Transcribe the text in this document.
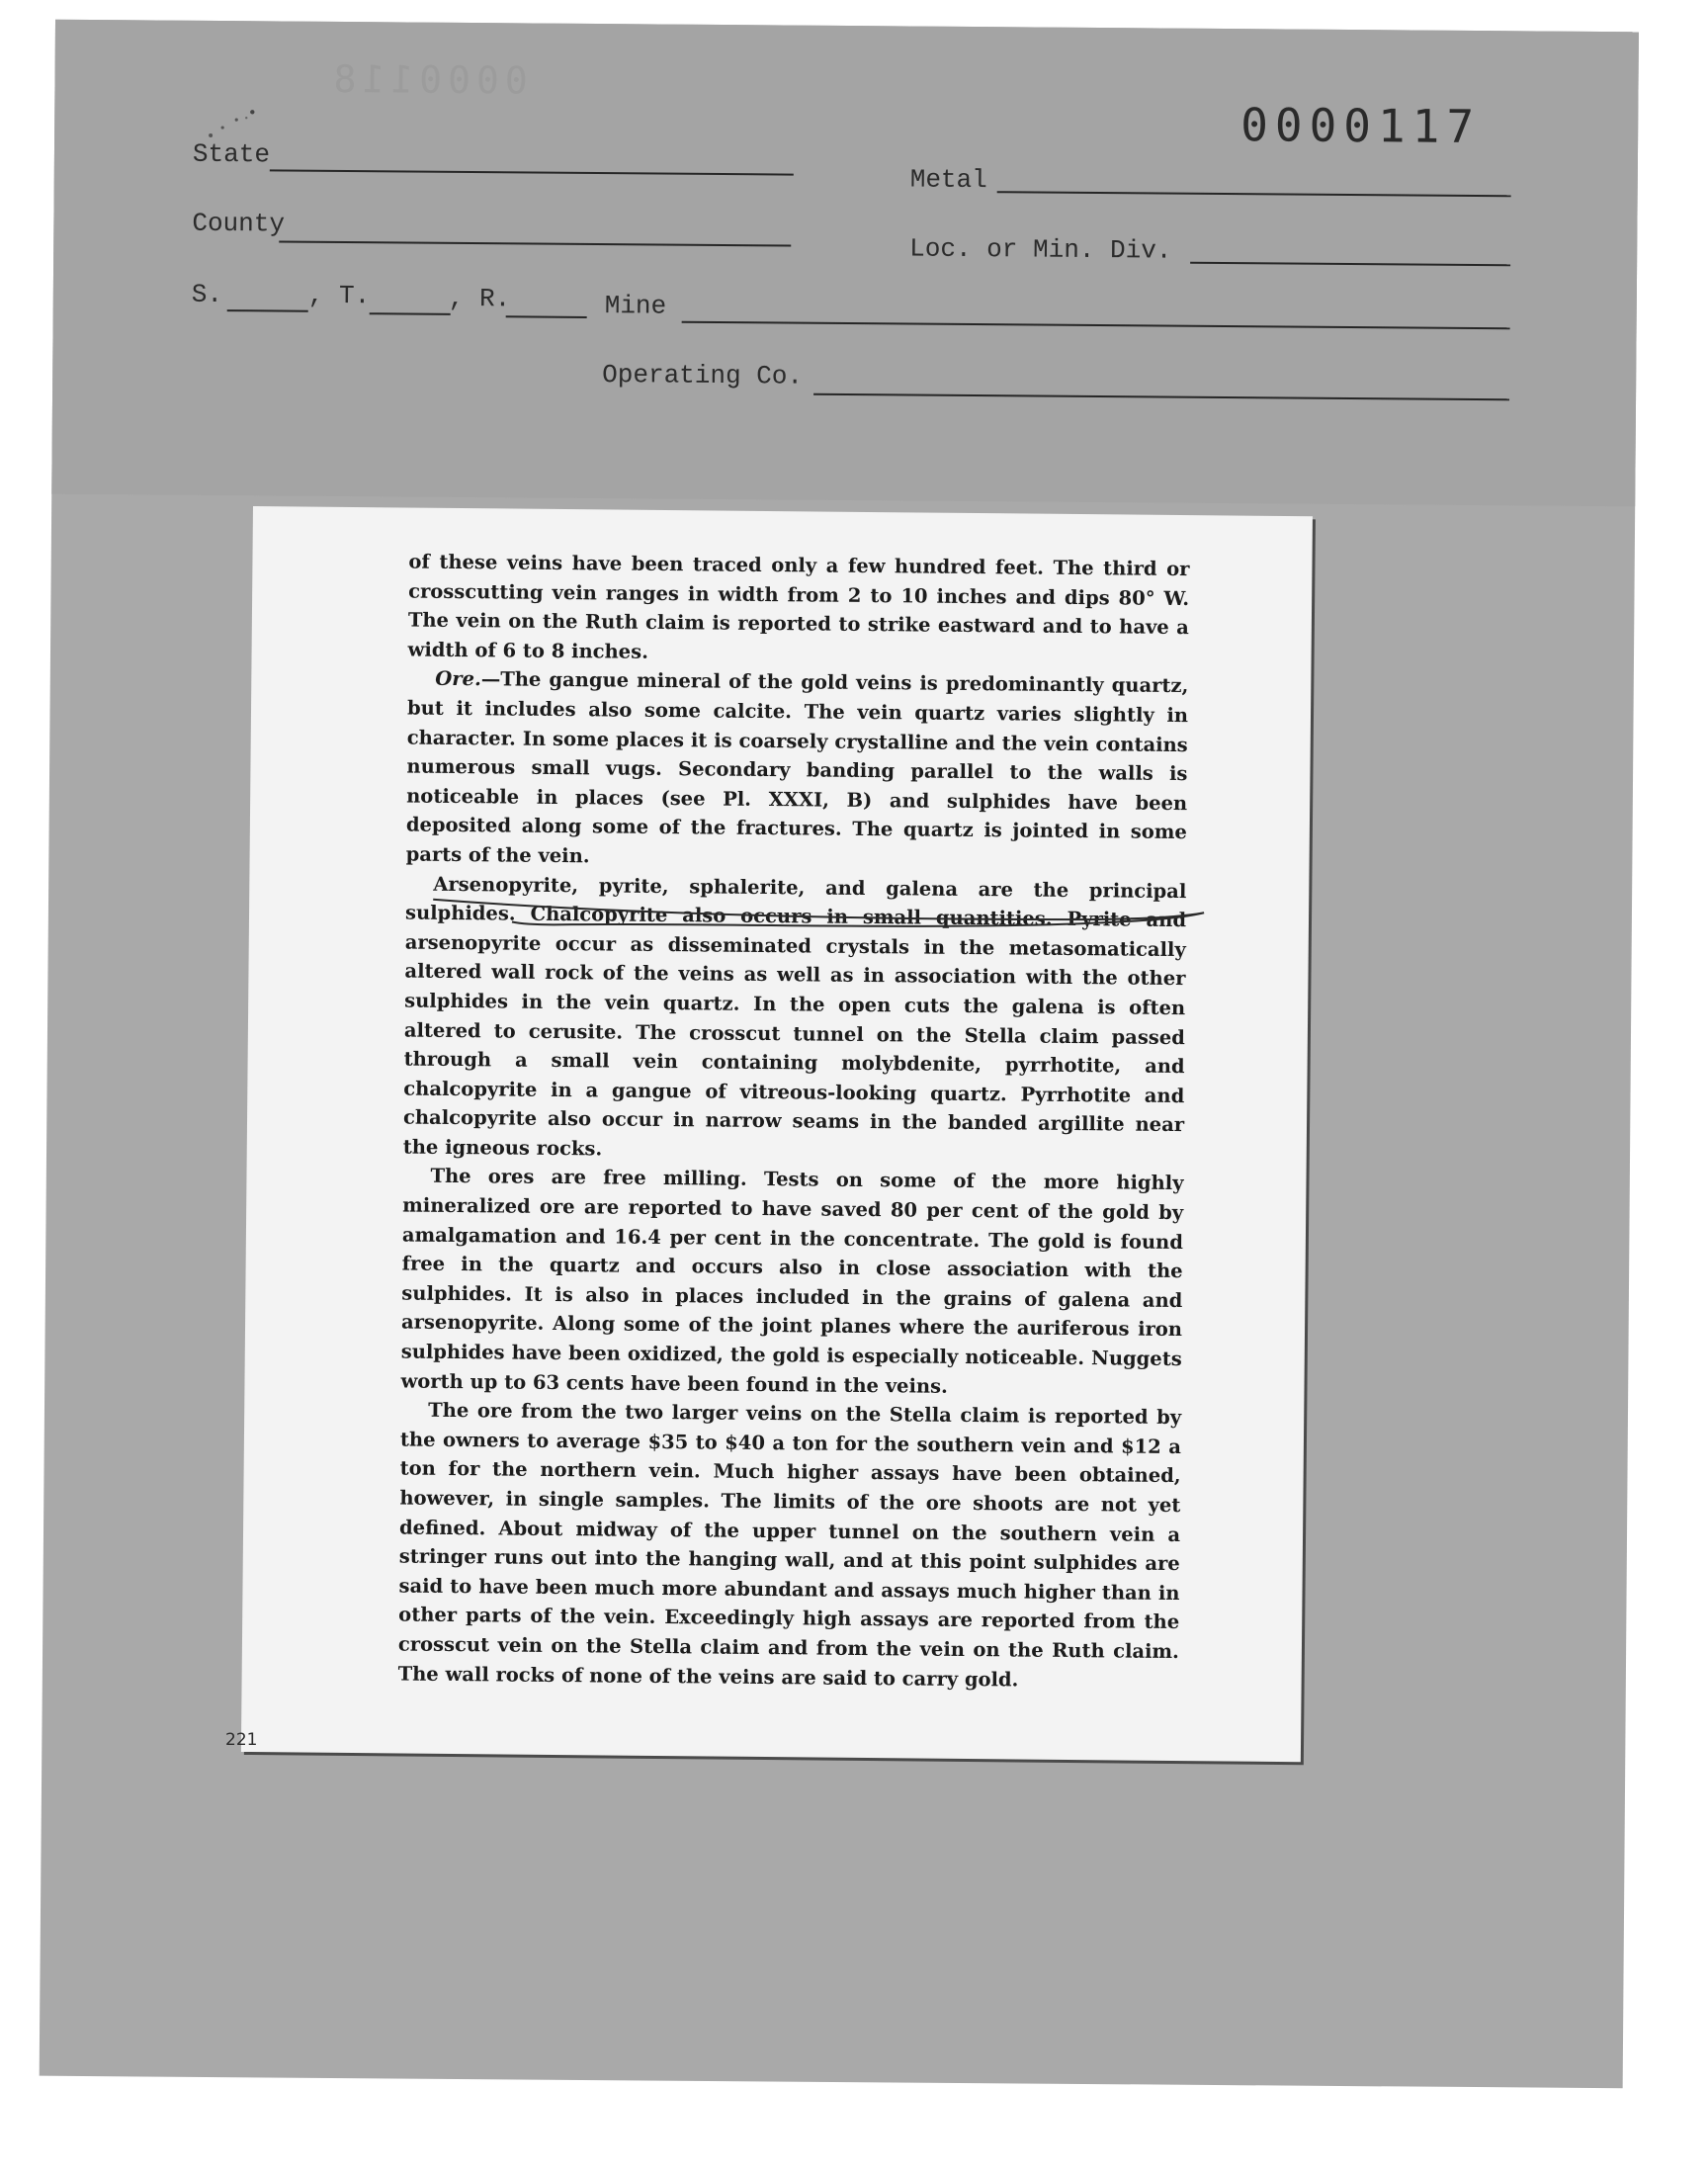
0000118
0000117
State
Metal
County
Loc. or Min. Div.
S.	, T.	, R.	Mine
Operating Co.

of these veins have been traced only a few hundred feet. The third or crosscutting vein ranges in width from 2 to 10 inches and dips 80° W. The vein on the Ruth claim is reported to strike eastward and to have a width of 6 to 8 inches.

Ore.—The gangue mineral of the gold veins is predominantly quartz, but it includes also some calcite. The vein quartz varies slightly in character. In some places it is coarsely crystalline and the vein contains numerous small vugs. Secondary banding parallel to the walls is noticeable in places (see Pl. XXXI, B) and sulphides have been deposited along some of the fractures. The quartz is jointed in some parts of the vein.

Arsenopyrite, pyrite, sphalerite, and galena are the principal sulphides. Chalcopyrite also occurs in small quantities. Pyrite and arsenopyrite occur as disseminated crystals in the metasomatically altered wall rock of the veins as well as in association with the other sulphides in the vein quartz. In the open cuts the galena is often altered to cerusite. The crosscut tunnel on the Stella claim passed through a small vein containing molybdenite, pyrrhotite, and chalcopyrite in a gangue of vitreous-looking quartz. Pyrrhotite and chalcopyrite also occur in narrow seams in the banded argillite near the igneous rocks.

The ores are free milling. Tests on some of the more highly mineralized ore are reported to have saved 80 per cent of the gold by amalgamation and 16.4 per cent in the concentrate. The gold is found free in the quartz and occurs also in close association with the sulphides. It is also in places included in the grains of galena and arsenopyrite. Along some of the joint planes where the auriferous iron sulphides have been oxidized, the gold is especially noticeable. Nuggets worth up to 63 cents have been found in the veins.

The ore from the two larger veins on the Stella claim is reported by the owners to average $35 to $40 a ton for the southern vein and $12 a ton for the northern vein. Much higher assays have been obtained, however, in single samples. The limits of the ore shoots are not yet defined. About midway of the upper tunnel on the southern vein a stringer runs out into the hanging wall, and at this point sulphides are said to have been much more abundant and assays much higher than in other parts of the vein. Exceedingly high assays are reported from the crosscut vein on the Stella claim and from the vein on the Ruth claim. The wall rocks of none of the veins are said to carry gold.

221
